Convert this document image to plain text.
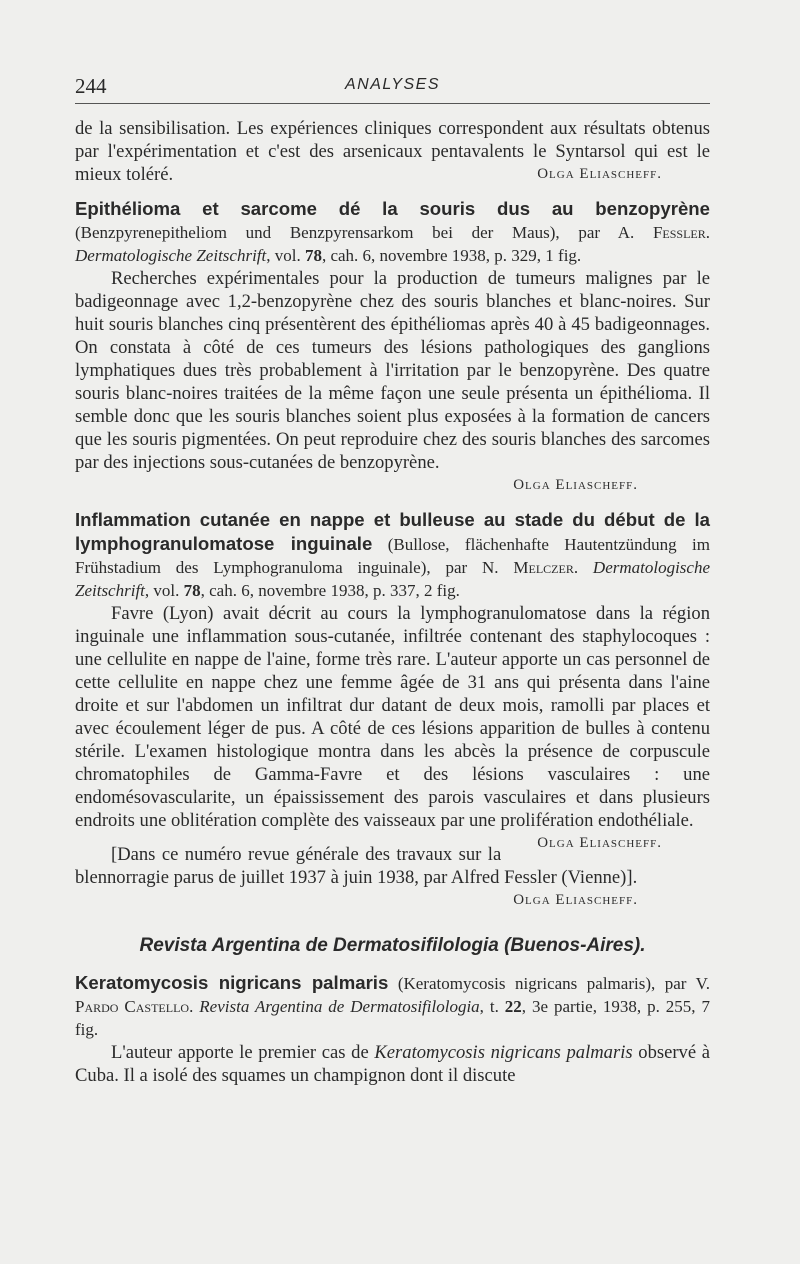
244	ANALYSES

de la sensibilisation. Les expériences cliniques correspondent aux résultats obtenus par l'expérimentation et c'est des arsenicaux pentavalents le Syntarsol qui est le mieux toléré.	Olga Eliascheff.

Epithélioma et sarcome dé la souris dus au benzopyrène (Benzpyrenepitheliom und Benzpyrensarkom bei der Maus), par A. Fessler. Dermatologische Zeitschrift, vol. 78, cah. 6, novembre 1938, p. 329, 1 fig.

Recherches expérimentales pour la production de tumeurs malignes par le badigeonnage avec 1,2-benzopyrène chez des souris blanches et blanc-noires. Sur huit souris blanches cinq présentèrent des épithéliomas après 40 à 45 badigeonnages. On constata à côté de ces tumeurs des lésions pathologiques des ganglions lymphatiques dues très probablement à l'irritation par le benzopyrène. Des quatre souris blanc-noires traitées de la même façon une seule présenta un épithélioma. Il semble donc que les souris blanches soient plus exposées à la formation de cancers que les souris pigmentées. On peut reproduire chez des souris blanches des sarcomes par des injections sous-cutanées de benzopyrène.

Olga Eliascheff.

Inflammation cutanée en nappe et bulleuse au stade du début de la lymphogranulomatose inguinale (Bullose, flächenhafte Hautentzündung im Frühstadium des Lymphogranuloma inguinale), par N. Melczer. Dermatologische Zeitschrift, vol. 78, cah. 6, novembre 1938, p. 337, 2 fig.

Favre (Lyon) avait décrit au cours la lymphogranulomatose dans la région inguinale une inflammation sous-cutanée, infiltrée contenant des staphylocoques : une cellulite en nappe de l'aine, forme très rare. L'auteur apporte un cas personnel de cette cellulite en nappe chez une femme âgée de 31 ans qui présenta dans l'aine droite et sur l'abdomen un infiltrat dur datant de deux mois, ramolli par places et avec écoulement léger de pus. A côté de ces lésions apparition de bulles à contenu stérile. L'examen histologique montra dans les abcès la présence de corpuscule chromatophiles de Gamma-Favre et des lésions vasculaires : une endomésovascularite, un épaississement des parois vasculaires et dans plusieurs endroits une oblitération complète des vaisseaux par une prolifération endothéliale.
Olga Eliascheff.

[Dans ce numéro revue générale des travaux sur la blennorragie parus de juillet 1937 à juin 1938, par Alfred Fessler (Vienne)].

Olga Eliascheff.
Revista Argentina de Dermatosifilologia (Buenos-Aires).

Keratomycosis nigricans palmaris (Keratomycosis nigricans palmaris), par V. Pardo Castello. Revista Argentina de Dermatosifilologia, t. 22, 3e partie, 1938, p. 255, 7 fig.

L'auteur apporte le premier cas de Keratomycosis nigricans palmaris observé à Cuba. Il a isolé des squames un champignon dont il discute
